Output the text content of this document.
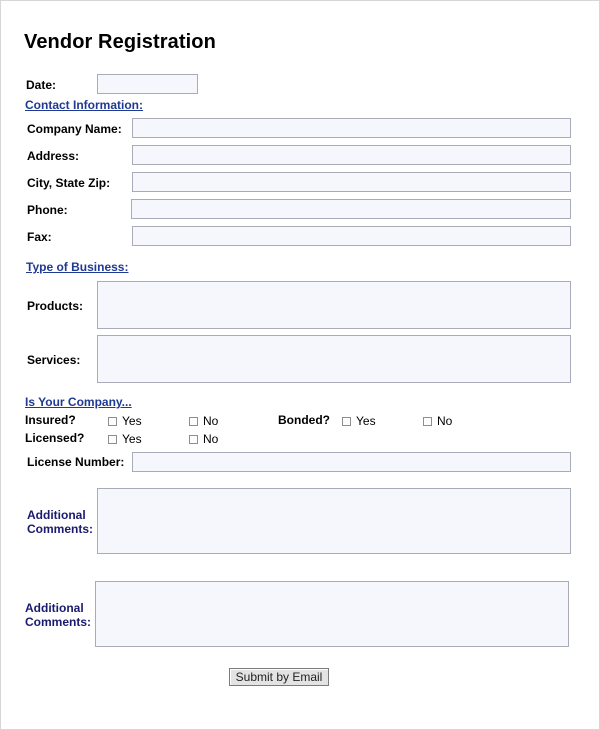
Vendor Registration
Date:
Contact Information:
Company Name:
Address:
City, State Zip:
Phone:
Fax:
Type of Business:
Products:
Services:
Is Your Company...
Insured?	Yes	No	Bonded? Yes	No
Licensed?	Yes	No
License Number:
Additional
Comments:
Additional
Comments:
Submit by Email
